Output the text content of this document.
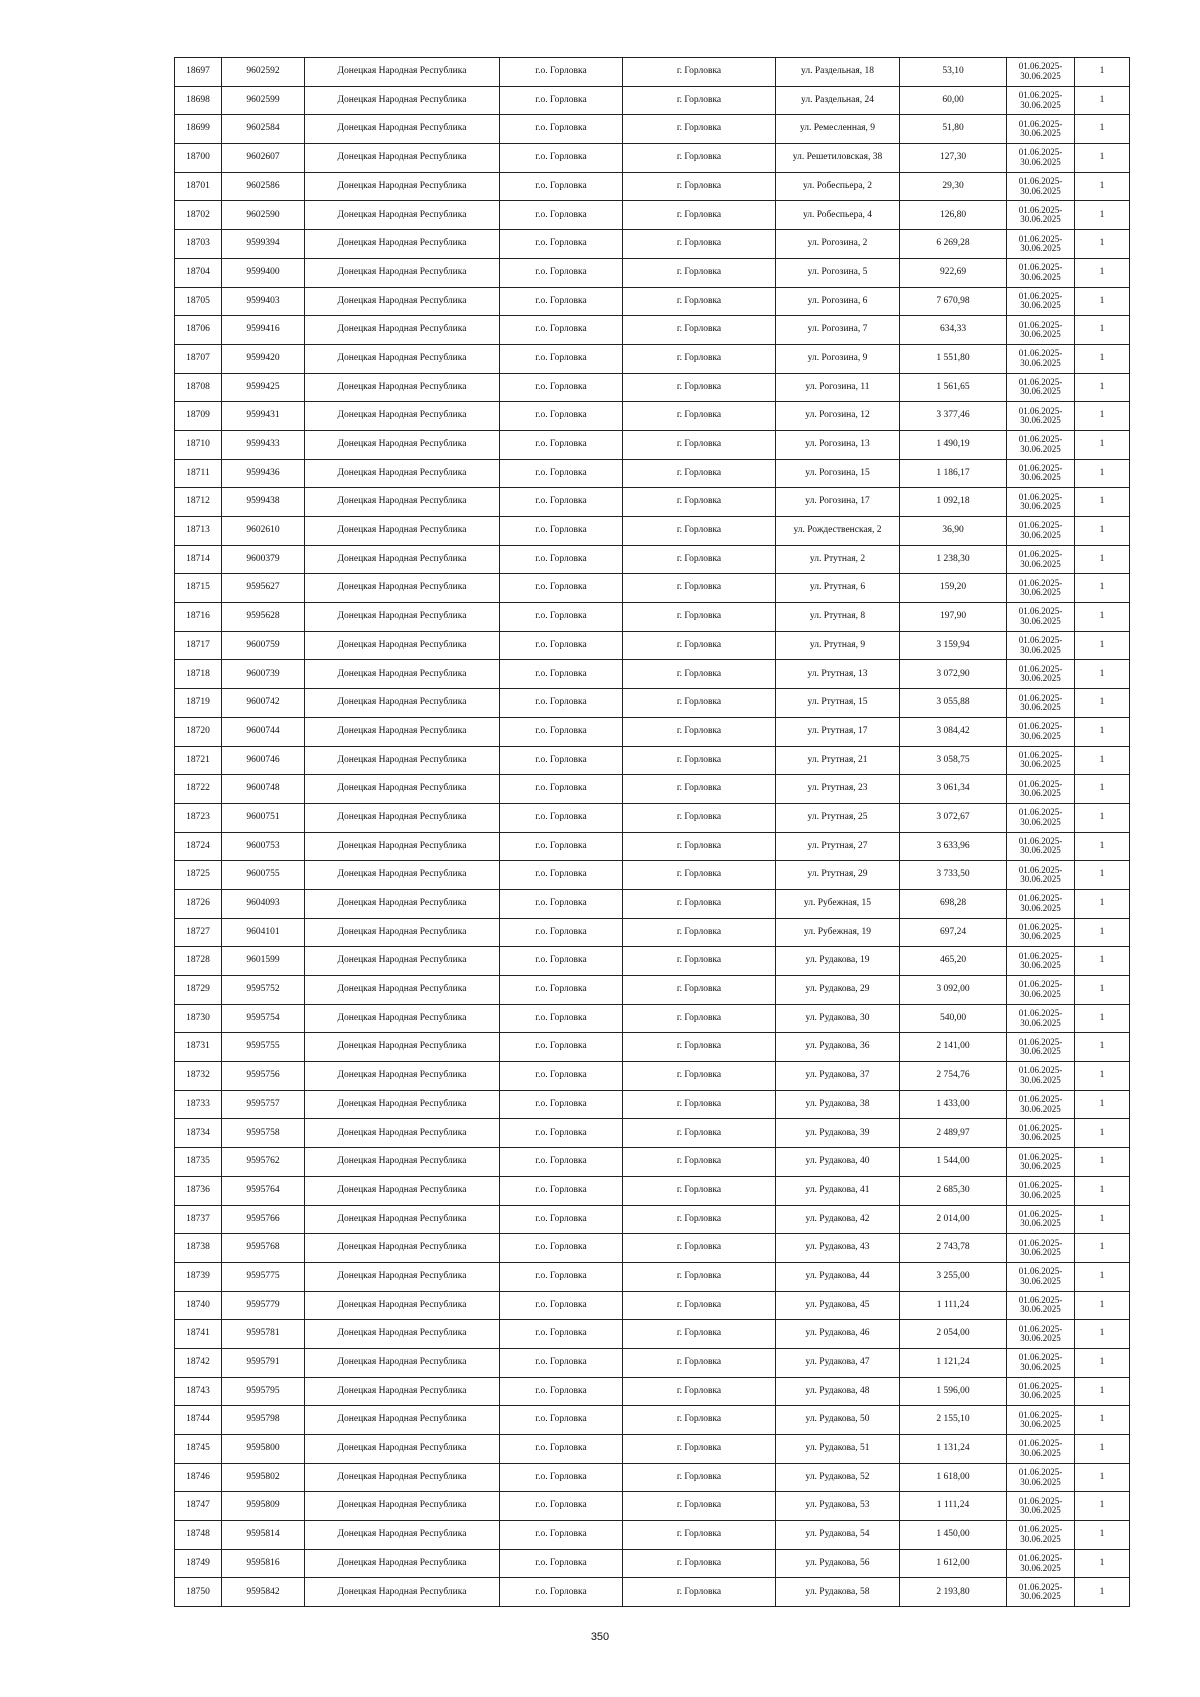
18697	9602592	Донецкая Народная Республика	г.о. Горловка	г. Горловка	ул. Раздельная, 18	53,10	01.06.2025-
30.06.2025	1
18698	9602599	Донецкая Народная Республика	г.о. Горловка	г. Горловка	ул. Раздельная, 24	60,00	01.06.2025-
30.06.2025	1
18699	9602584	Донецкая Народная Республика	г.о. Горловка	г. Горловка	ул. Ремесленная, 9	51,80	01.06.2025-
30.06.2025	1
18700	9602607	Донецкая Народная Республика	г.о. Горловка	г. Горловка	ул. Решетиловская, 38	127,30	01.06.2025-
30.06.2025	1
18701	9602586	Донецкая Народная Республика	г.о. Горловка	г. Горловка	ул. Робеспьера, 2	29,30	01.06.2025-
30.06.2025	1
18702	9602590	Донецкая Народная Республика	г.о. Горловка	г. Горловка	ул. Робеспьера, 4	126,80	01.06.2025-
30.06.2025	1
18703	9599394	Донецкая Народная Республика	г.о. Горловка	г. Горловка	ул. Рогозина, 2	6 269,28	01.06.2025-
30.06.2025	1
18704	9599400	Донецкая Народная Республика	г.о. Горловка	г. Горловка	ул. Рогозина, 5	922,69	01.06.2025-
30.06.2025	1
18705	9599403	Донецкая Народная Республика	г.о. Горловка	г. Горловка	ул. Рогозина, 6	7 670,98	01.06.2025-
30.06.2025	1
18706	9599416	Донецкая Народная Республика	г.о. Горловка	г. Горловка	ул. Рогозина, 7	634,33	01.06.2025-
30.06.2025	1
18707	9599420	Донецкая Народная Республика	г.о. Горловка	г. Горловка	ул. Рогозина, 9	1 551,80	01.06.2025-
30.06.2025	1
18708	9599425	Донецкая Народная Республика	г.о. Горловка	г. Горловка	ул. Рогозина, 11	1 561,65	01.06.2025-
30.06.2025	1
18709	9599431	Донецкая Народная Республика	г.о. Горловка	г. Горловка	ул. Рогозина, 12	3 377,46	01.06.2025-
30.06.2025	1
18710	9599433	Донецкая Народная Республика	г.о. Горловка	г. Горловка	ул. Рогозина, 13	1 490,19	01.06.2025-
30.06.2025	1
18711	9599436	Донецкая Народная Республика	г.о. Горловка	г. Горловка	ул. Рогозина, 15	1 186,17	01.06.2025-
30.06.2025	1
18712	9599438	Донецкая Народная Республика	г.о. Горловка	г. Горловка	ул. Рогозина, 17	1 092,18	01.06.2025-
30.06.2025	1
18713	9602610	Донецкая Народная Республика	г.о. Горловка	г. Горловка	ул. Рождественская, 2	36,90	01.06.2025-
30.06.2025	1
18714	9600379	Донецкая Народная Республика	г.о. Горловка	г. Горловка	ул. Ртутная, 2	1 238,30	01.06.2025-
30.06.2025	1
18715	9595627	Донецкая Народная Республика	г.о. Горловка	г. Горловка	ул. Ртутная, 6	159,20	01.06.2025-
30.06.2025	1
18716	9595628	Донецкая Народная Республика	г.о. Горловка	г. Горловка	ул. Ртутная, 8	197,90	01.06.2025-
30.06.2025	1
18717	9600759	Донецкая Народная Республика	г.о. Горловка	г. Горловка	ул. Ртутная, 9	3 159,94	01.06.2025-
30.06.2025	1
18718	9600739	Донецкая Народная Республика	г.о. Горловка	г. Горловка	ул. Ртутная, 13	3 072,90	01.06.2025-
30.06.2025	1
18719	9600742	Донецкая Народная Республика	г.о. Горловка	г. Горловка	ул. Ртутная, 15	3 055,88	01.06.2025-
30.06.2025	1
18720	9600744	Донецкая Народная Республика	г.о. Горловка	г. Горловка	ул. Ртутная, 17	3 084,42	01.06.2025-
30.06.2025	1
18721	9600746	Донецкая Народная Республика	г.о. Горловка	г. Горловка	ул. Ртутная, 21	3 058,75	01.06.2025-
30.06.2025	1
18722	9600748	Донецкая Народная Республика	г.о. Горловка	г. Горловка	ул. Ртутная, 23	3 061,34	01.06.2025-
30.06.2025	1
18723	9600751	Донецкая Народная Республика	г.о. Горловка	г. Горловка	ул. Ртутная, 25	3 072,67	01.06.2025-
30.06.2025	1
18724	9600753	Донецкая Народная Республика	г.о. Горловка	г. Горловка	ул. Ртутная, 27	3 633,96	01.06.2025-
30.06.2025	1
18725	9600755	Донецкая Народная Республика	г.о. Горловка	г. Горловка	ул. Ртутная, 29	3 733,50	01.06.2025-
30.06.2025	1
18726	9604093	Донецкая Народная Республика	г.о. Горловка	г. Горловка	ул. Рубежная, 15	698,28	01.06.2025-
30.06.2025	1
18727	9604101	Донецкая Народная Республика	г.о. Горловка	г. Горловка	ул. Рубежная, 19	697,24	01.06.2025-
30.06.2025	1
18728	9601599	Донецкая Народная Республика	г.о. Горловка	г. Горловка	ул. Рудакова, 19	465,20	01.06.2025-
30.06.2025	1
18729	9595752	Донецкая Народная Республика	г.о. Горловка	г. Горловка	ул. Рудакова, 29	3 092,00	01.06.2025-
30.06.2025	1
18730	9595754	Донецкая Народная Республика	г.о. Горловка	г. Горловка	ул. Рудакова, 30	540,00	01.06.2025-
30.06.2025	1
18731	9595755	Донецкая Народная Республика	г.о. Горловка	г. Горловка	ул. Рудакова, 36	2 141,00	01.06.2025-
30.06.2025	1
18732	9595756	Донецкая Народная Республика	г.о. Горловка	г. Горловка	ул. Рудакова, 37	2 754,76	01.06.2025-
30.06.2025	1
18733	9595757	Донецкая Народная Республика	г.о. Горловка	г. Горловка	ул. Рудакова, 38	1 433,00	01.06.2025-
30.06.2025	1
18734	9595758	Донецкая Народная Республика	г.о. Горловка	г. Горловка	ул. Рудакова, 39	2 489,97	01.06.2025-
30.06.2025	1
18735	9595762	Донецкая Народная Республика	г.о. Горловка	г. Горловка	ул. Рудакова, 40	1 544,00	01.06.2025-
30.06.2025	1
18736	9595764	Донецкая Народная Республика	г.о. Горловка	г. Горловка	ул. Рудакова, 41	2 685,30	01.06.2025-
30.06.2025	1
18737	9595766	Донецкая Народная Республика	г.о. Горловка	г. Горловка	ул. Рудакова, 42	2 014,00	01.06.2025-
30.06.2025	1
18738	9595768	Донецкая Народная Республика	г.о. Горловка	г. Горловка	ул. Рудакова, 43	2 743,78	01.06.2025-
30.06.2025	1
18739	9595775	Донецкая Народная Республика	г.о. Горловка	г. Горловка	ул. Рудакова, 44	3 255,00	01.06.2025-
30.06.2025	1
18740	9595779	Донецкая Народная Республика	г.о. Горловка	г. Горловка	ул. Рудакова, 45	1 111,24	01.06.2025-
30.06.2025	1
18741	9595781	Донецкая Народная Республика	г.о. Горловка	г. Горловка	ул. Рудакова, 46	2 054,00	01.06.2025-
30.06.2025	1
18742	9595791	Донецкая Народная Республика	г.о. Горловка	г. Горловка	ул. Рудакова, 47	1 121,24	01.06.2025-
30.06.2025	1
18743	9595795	Донецкая Народная Республика	г.о. Горловка	г. Горловка	ул. Рудакова, 48	1 596,00	01.06.2025-
30.06.2025	1
18744	9595798	Донецкая Народная Республика	г.о. Горловка	г. Горловка	ул. Рудакова, 50	2 155,10	01.06.2025-
30.06.2025	1
18745	9595800	Донецкая Народная Республика	г.о. Горловка	г. Горловка	ул. Рудакова, 51	1 131,24	01.06.2025-
30.06.2025	1
18746	9595802	Донецкая Народная Республика	г.о. Горловка	г. Горловка	ул. Рудакова, 52	1 618,00	01.06.2025-
30.06.2025	1
18747	9595809	Донецкая Народная Республика	г.о. Горловка	г. Горловка	ул. Рудакова, 53	1 111,24	01.06.2025-
30.06.2025	1
18748	9595814	Донецкая Народная Республика	г.о. Горловка	г. Горловка	ул. Рудакова, 54	1 450,00	01.06.2025-
30.06.2025	1
18749	9595816	Донецкая Народная Республика	г.о. Горловка	г. Горловка	ул. Рудакова, 56	1 612,00	01.06.2025-
30.06.2025	1
18750	9595842	Донецкая Народная Республика	г.о. Горловка	г. Горловка	ул. Рудакова, 58	2 193,80	01.06.2025-
30.06.2025	1
350
